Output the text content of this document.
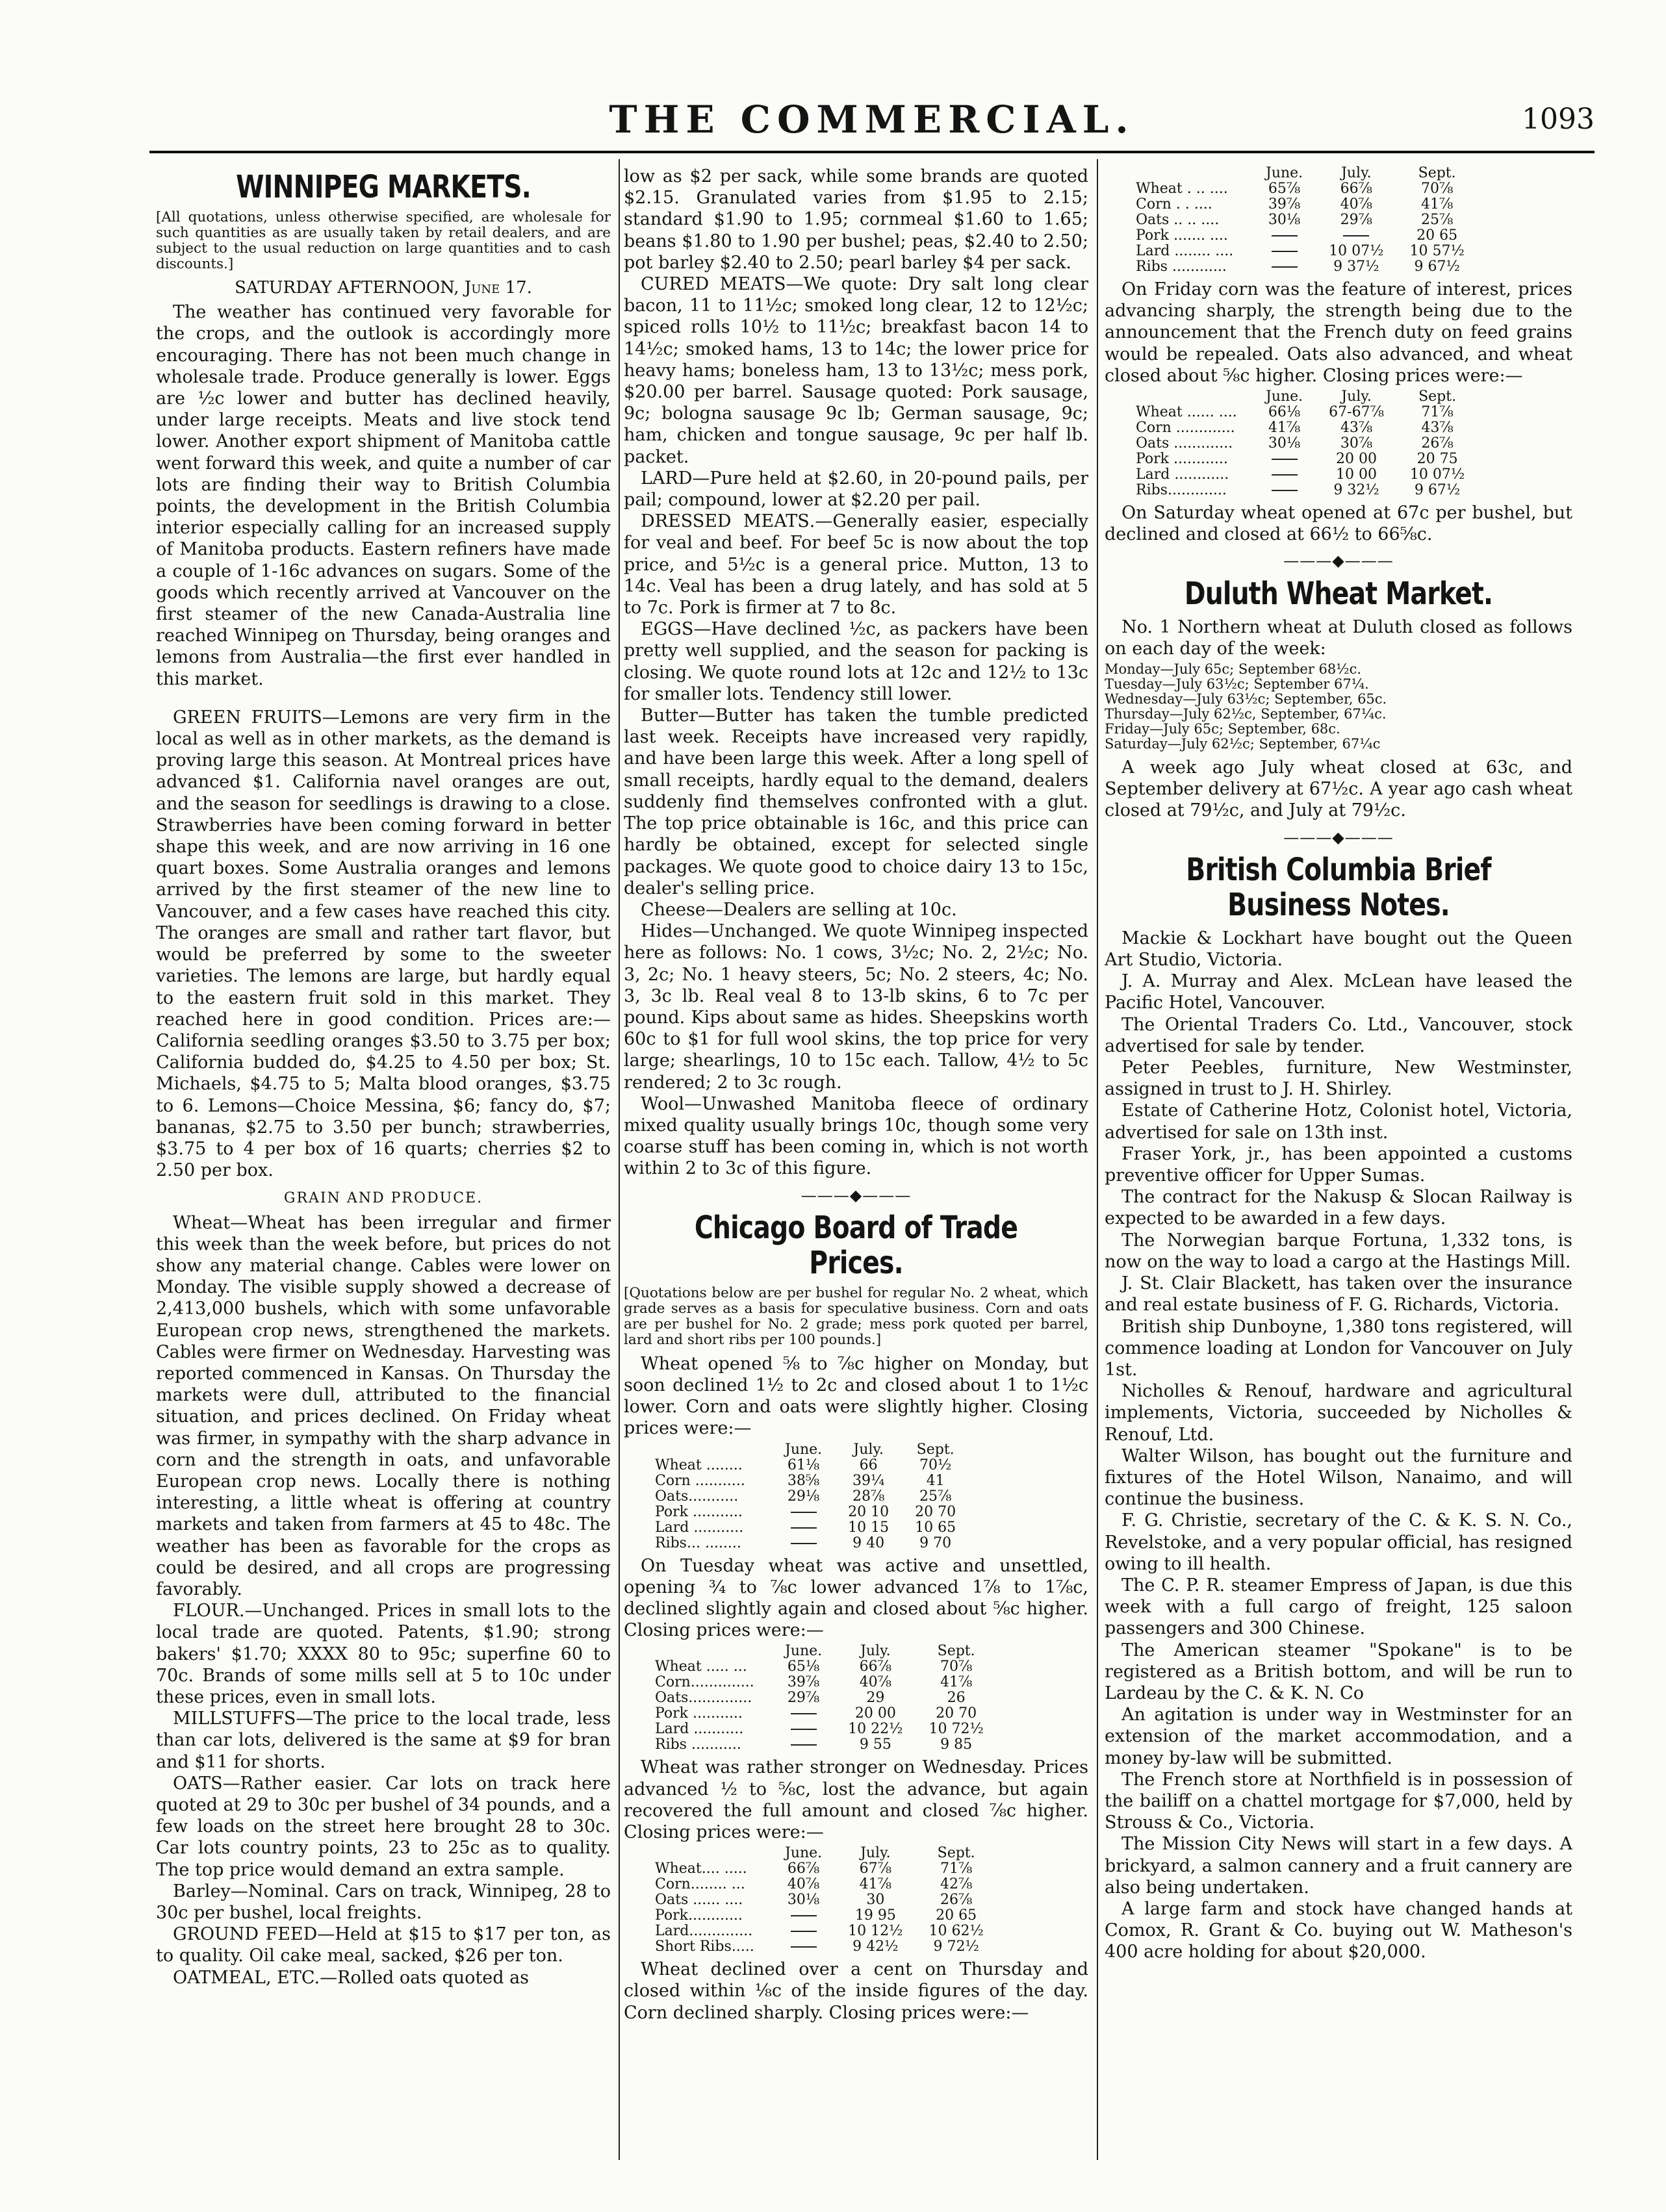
THE COMMERCIAL.	1093
WINNIPEG MARKETS.
[All quotations, unless otherwise specified, are wholesale for such quantities as are usually taken by retail dealers, and are subject to the usual reduction on large quantities and to cash discounts.]
SATURDAY AFTERNOON, June 17.

The weather has continued very favorable for the crops, and the outlook is accordingly more encouraging. There has not been much change in wholesale trade. Produce generally is lower. Eggs are ½c lower and butter has declined heavily, under large receipts. Meats and live stock tend lower. Another export shipment of Manitoba cattle went forward this week, and quite a number of car lots are finding their way to British Columbia points, the development in the British Columbia interior especially calling for an increased supply of Manitoba products. Eastern refiners have made a couple of 1-16c advances on sugars. Some of the goods which recently arrived at Vancouver on the first steamer of the new Canada-Australia line reached Winnipeg on Thursday, being oranges and lemons from Australia—the first ever handled in this market.

GREEN FRUITS—Lemons are very firm in the local as well as in other markets, as the demand is proving large this season. At Montreal prices have advanced $1. California navel oranges are out, and the season for seedlings is drawing to a close. Strawberries have been coming forward in better shape this week, and are now arriving in 16 one quart boxes. Some Australia oranges and lemons arrived by the first steamer of the new line to Vancouver, and a few cases have reached this city. The oranges are small and rather tart flavor, but would be preferred by some to the sweeter varieties. The lemons are large, but hardly equal to the eastern fruit sold in this market. They reached here in good condition. Prices are:—California seedling oranges $3.50 to 3.75 per box; California budded do, $4.25 to 4.50 per box; St. Michaels, $4.75 to 5; Malta blood oranges, $3.75 to 6. Lemons—Choice Messina, $6; fancy do, $7; bananas, $2.75 to 3.50 per bunch; strawberries, $3.75 to 4 per box of 16 quarts; cherries $2 to 2.50 per box.

GRAIN AND PRODUCE.

Wheat—Wheat has been irregular and firmer this week than the week before, but prices do not show any material change. Cables were lower on Monday. The visible supply showed a decrease of 2,413,000 bushels, which with some unfavorable European crop news, strengthened the markets. Cables were firmer on Wednesday. Harvesting was reported commenced in Kansas. On Thursday the markets were dull, attributed to the financial situation, and prices declined. On Friday wheat was firmer, in sympathy with the sharp advance in corn and the strength in oats, and unfavorable European crop news. Locally there is nothing interesting, a little wheat is offering at country markets and taken from farmers at 45 to 48c. The weather has been as favorable for the crops as could be desired, and all crops are progressing favorably.

FLOUR.—Unchanged. Prices in small lots to the local trade are quoted. Patents, $1.90; strong bakers' $1.70; XXXX 80 to 95c; superfine 60 to 70c. Brands of some mills sell at 5 to 10c under these prices, even in small lots.

MILLSTUFFS—The price to the local trade, less than car lots, delivered is the same at $9 for bran and $11 for shorts.

OATS—Rather easier. Car lots on track here quoted at 29 to 30c per bushel of 34 pounds, and a few loads on the street here brought 28 to 30c. Car lots country points, 23 to 25c as to quality. The top price would demand an extra sample.

Barley—Nominal. Cars on track, Winnipeg, 28 to 30c per bushel, local freights.

GROUND FEED—Held at $15 to $17 per ton, as to quality. Oil cake meal, sacked, $26 per ton.

OATMEAL, ETC.—Rolled oats quoted as

low as $2 per sack, while some brands are quoted $2.15. Granulated varies from $1.95 to 2.15; standard $1.90 to 1.95; cornmeal $1.60 to 1.65; beans $1.80 to 1.90 per bushel; peas, $2.40 to 2.50; pot barley $2.40 to 2.50; pearl barley $4 per sack.

CURED MEATS—We quote: Dry salt long clear bacon, 11 to 11½c; smoked long clear, 12 to 12½c; spiced rolls 10½ to 11½c; breakfast bacon 14 to 14½c; smoked hams, 13 to 14c; the lower price for heavy hams; boneless ham, 13 to 13½c; mess pork, $20.00 per barrel. Sausage quoted: Pork sausage, 9c; bologna sausage 9c lb; German sausage, 9c; ham, chicken and tongue sausage, 9c per half lb. packet.

LARD—Pure held at $2.60, in 20-pound pails, per pail; compound, lower at $2.20 per pail.

DRESSED MEATS.—Generally easier, especially for veal and beef. For beef 5c is now about the top price, and 5½c is a general price. Mutton, 13 to 14c. Veal has been a drug lately, and has sold at 5 to 7c. Pork is firmer at 7 to 8c.

EGGS—Have declined ½c, as packers have been pretty well supplied, and the season for packing is closing. We quote round lots at 12c and 12½ to 13c for smaller lots. Tendency still lower.

Butter—Butter has taken the tumble predicted last week. Receipts have increased very rapidly, and have been large this week. After a long spell of small receipts, hardly equal to the demand, dealers suddenly find themselves confronted with a glut. The top price obtainable is 16c, and this price can hardly be obtained, except for selected single packages. We quote good to choice dairy 13 to 15c, dealer's selling price.

Cheese—Dealers are selling at 10c.

Hides—Unchanged. We quote Winnipeg inspected here as follows: No. 1 cows, 3½c; No. 2, 2½c; No. 3, 2c; No. 1 heavy steers, 5c; No. 2 steers, 4c; No. 3, 3c lb. Real veal 8 to 13-lb skins, 6 to 7c per pound. Kips about same as hides. Sheepskins worth 60c to $1 for full wool skins, the top price for very large; shearlings, 10 to 15c each. Tallow, 4½ to 5c rendered; 2 to 3c rough.

Wool—Unwashed Manitoba fleece of ordinary mixed quality usually brings 10c, though some very coarse stuff has been coming in, which is not worth within 2 to 3c of this figure.

———◆———
Chicago Board of Trade Prices.
[Quotations below are per bushel for regular No. 2 wheat, which grade serves as a basis for speculative business. Corn and oats are per bushel for No. 2 grade; mess pork quoted per barrel, lard and short ribs per 100 pounds.]

Wheat opened ⅝ to ⅞c higher on Monday, but soon declined 1½ to 2c and closed about 1 to 1½c lower. Corn and oats were slightly higher. Closing prices were:—

	June.	July.	Sept.
Wheat ........	61⅛	66	70½
Corn ...........	38⅝	39¼	41
Oats...........	29⅛	28⅞	25⅞
Pork ...........		20 10	20 70
Lard ...........		10 15	10 65
Ribs... ........		9 40	9 70

On Tuesday wheat was active and unsettled, opening ¾ to ⅞c lower advanced 1⅞ to 1⅞c, declined slightly again and closed about ⅝c higher. Closing prices were:—

	June.	July.	Sept.
Wheat ..... ...	65⅛	66⅞	70⅞
Corn..............	39⅞	40⅞	41⅞
Oats..............	29⅞	29	26
Pork ...........		20 00	20 70
Lard ...........		10 22½	10 72½
Ribs ...........		9 55	9 85

Wheat was rather stronger on Wednesday. Prices advanced ½ to ⅝c, lost the advance, but again recovered the full amount and closed ⅞c higher. Closing prices were:—

	June.	July.	Sept.
Wheat.... .....	66⅞	67⅞	71⅞
Corn........ ...	40⅞	41⅞	42⅞
Oats ...... ....	30⅛	30	26⅞
Pork............		19 95	20 65
Lard..............		10 12½	10 62½
Short Ribs.....		9 42½	9 72½

Wheat declined over a cent on Thursday and closed within ⅛c of the inside figures of the day. Corn declined sharply. Closing prices were:—

	June.	July.	Sept.
Wheat . .. ....	65⅞	66⅞	70⅞
Corn . . ....	39⅞	40⅞	41⅞
Oats .. .. ....	30⅛	29⅞	25⅞
Pork ....... ....			20 65
Lard ........ ....		10 07½	10 57½
Ribs ............		9 37½	9 67½

On Friday corn was the feature of interest, prices advancing sharply, the strength being due to the announcement that the French duty on feed grains would be repealed. Oats also advanced, and wheat closed about ⅝c higher. Closing prices were:—

	June.	July.	Sept.
Wheat ...... ....	66⅛	67-67⅞	71⅞
Corn .............	41⅞	43⅞	43⅞
Oats .............	30⅛	30⅞	26⅞
Pork ............		20 00	20 75
Lard ............		10 00	10 07½
Ribs.............		9 32½	9 67½

On Saturday wheat opened at 67c per bushel, but declined and closed at 66½ to 66⅝c.

———◆———
Duluth Wheat Market.

No. 1 Northern wheat at Duluth closed as follows on each day of the week:

Monday—July 65c; September 68½c.
Tuesday—July 63½c; September 67¼.
Wednesday—July 63½c; September, 65c.
Thursday—July 62½c, September, 67¼c.
Friday—July 65c; September, 68c.
Saturday—July 62½c; September, 67¼c

A week ago July wheat closed at 63c, and September delivery at 67½c. A year ago cash wheat closed at 79½c, and July at 79½c.

———◆———
British Columbia Brief Business Notes.

Mackie & Lockhart have bought out the Queen Art Studio, Victoria.

J. A. Murray and Alex. McLean have leased the Pacific Hotel, Vancouver.

The Oriental Traders Co. Ltd., Vancouver, stock advertised for sale by tender.

Peter Peebles, furniture, New Westminster, assigned in trust to J. H. Shirley.

Estate of Catherine Hotz, Colonist hotel, Victoria, advertised for sale on 13th inst.

Fraser York, jr., has been appointed a customs preventive officer for Upper Sumas.

The contract for the Nakusp & Slocan Railway is expected to be awarded in a few days.

The Norwegian barque Fortuna, 1,332 tons, is now on the way to load a cargo at the Hastings Mill.

J. St. Clair Blackett, has taken over the insurance and real estate business of F. G. Richards, Victoria.

British ship Dunboyne, 1,380 tons registered, will commence loading at London for Vancouver on July 1st.

Nicholles & Renouf, hardware and agricultural implements, Victoria, succeeded by Nicholles & Renouf, Ltd.

Walter Wilson, has bought out the furniture and fixtures of the Hotel Wilson, Nanaimo, and will continue the business.

F. G. Christie, secretary of the C. & K. S. N. Co., Revelstoke, and a very popular official, has resigned owing to ill health.

The C. P. R. steamer Empress of Japan, is due this week with a full cargo of freight, 125 saloon passengers and 300 Chinese.

The American steamer "Spokane" is to be registered as a British bottom, and will be run to Lardeau by the C. & K. N. Co

An agitation is under way in Westminster for an extension of the market accommodation, and a money by-law will be submitted.

The French store at Northfield is in possession of the bailiff on a chattel mortgage for $7,000, held by Strouss & Co., Victoria.

The Mission City News will start in a few days. A brickyard, a salmon cannery and a fruit cannery are also being undertaken.

A large farm and stock have changed hands at Comox, R. Grant & Co. buying out W. Matheson's 400 acre holding for about $20,000.
